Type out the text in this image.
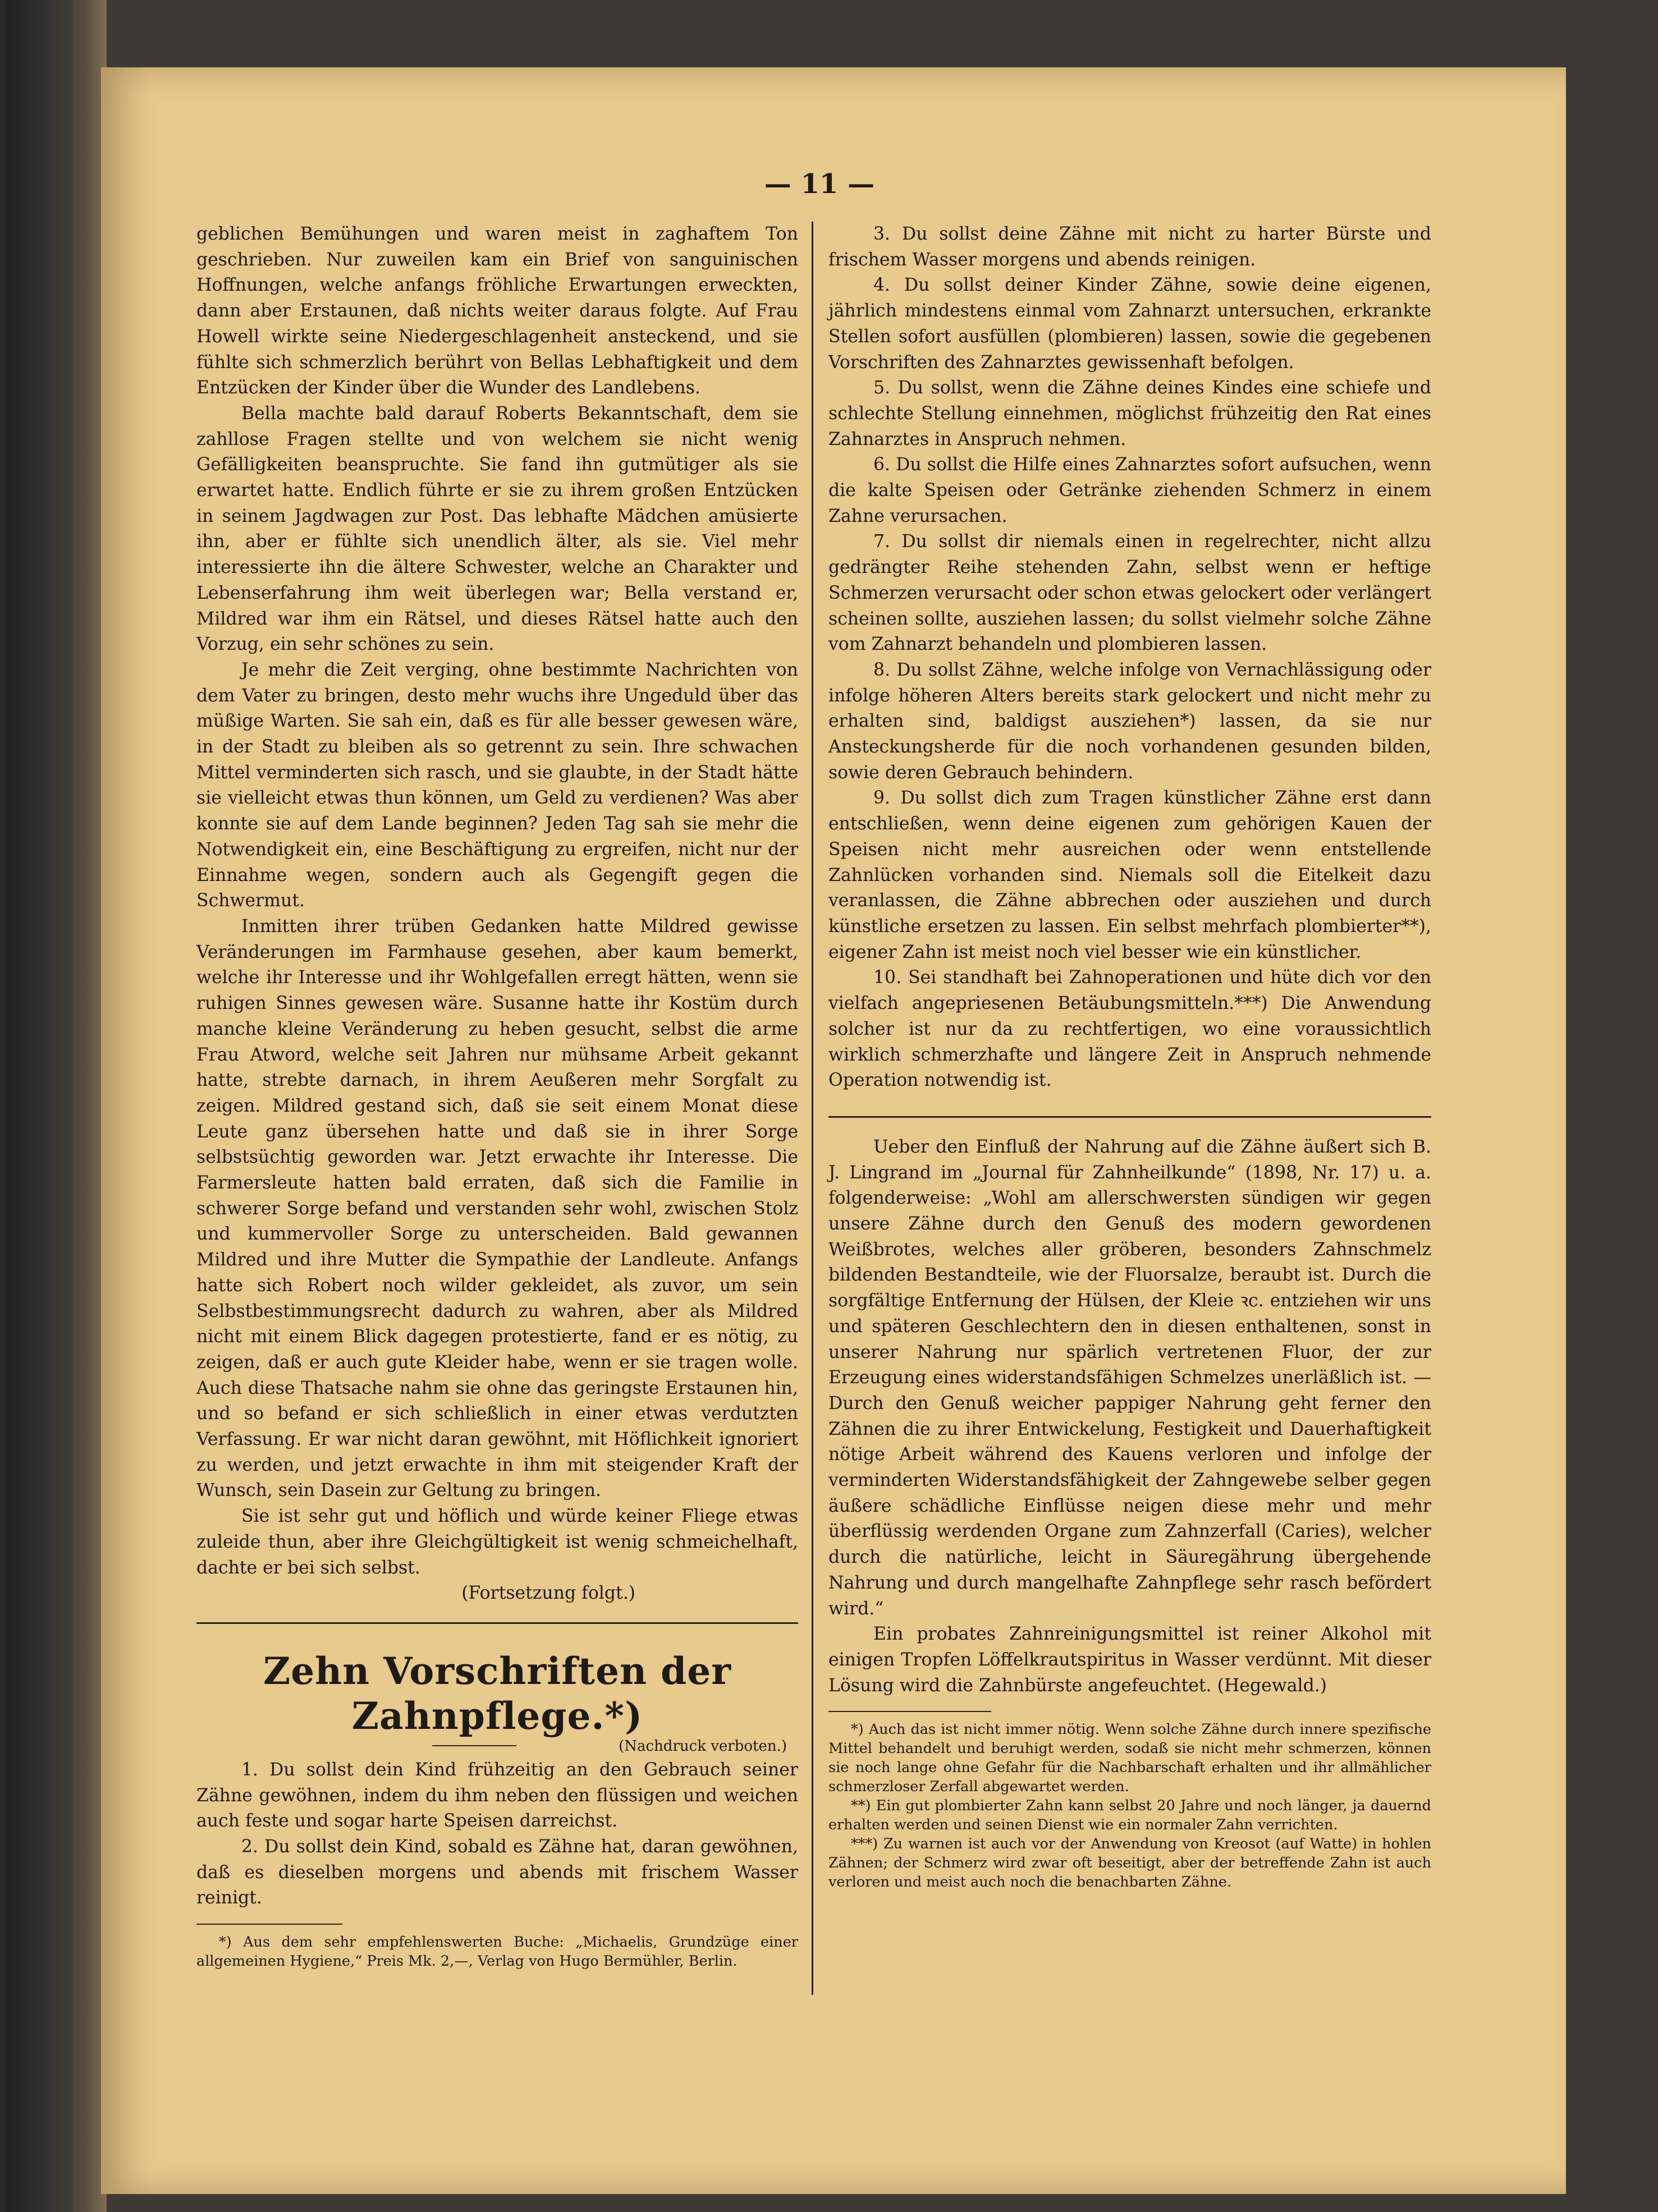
— 11 —

geblichen Bemühungen und waren meist in zaghaftem Ton geschrieben. Nur zuweilen kam ein Brief von sanguinischen Hoffnungen, welche anfangs fröhliche Erwartungen erweckten, dann aber Erstaunen, daß nichts weiter daraus folgte. Auf Frau Howell wirkte seine Niedergeschlagenheit ansteckend, und sie fühlte sich schmerzlich berührt von Bellas Lebhaftigkeit und dem Entzücken der Kinder über die Wunder des Landlebens.

Bella machte bald darauf Roberts Bekanntschaft, dem sie zahllose Fragen stellte und von welchem sie nicht wenig Gefälligkeiten beanspruchte. Sie fand ihn gutmütiger als sie erwartet hatte. Endlich führte er sie zu ihrem großen Entzücken in seinem Jagdwagen zur Post. Das lebhafte Mädchen amüsierte ihn, aber er fühlte sich unendlich älter, als sie. Viel mehr interessierte ihn die ältere Schwester, welche an Charakter und Lebenserfahrung ihm weit überlegen war; Bella verstand er, Mildred war ihm ein Rätsel, und dieses Rätsel hatte auch den Vorzug, ein sehr schönes zu sein.

Je mehr die Zeit verging, ohne bestimmte Nachrichten von dem Vater zu bringen, desto mehr wuchs ihre Ungeduld über das müßige Warten. Sie sah ein, daß es für alle besser gewesen wäre, in der Stadt zu bleiben als so getrennt zu sein. Ihre schwachen Mittel verminderten sich rasch, und sie glaubte, in der Stadt hätte sie vielleicht etwas thun können, um Geld zu verdienen? Was aber konnte sie auf dem Lande beginnen? Jeden Tag sah sie mehr die Notwendigkeit ein, eine Beschäftigung zu ergreifen, nicht nur der Einnahme wegen, sondern auch als Gegengift gegen die Schwermut.

Inmitten ihrer trüben Gedanken hatte Mildred gewisse Veränderungen im Farmhause gesehen, aber kaum bemerkt, welche ihr Interesse und ihr Wohlgefallen erregt hätten, wenn sie ruhigen Sinnes gewesen wäre. Susanne hatte ihr Kostüm durch manche kleine Veränderung zu heben gesucht, selbst die arme Frau Atword, welche seit Jahren nur mühsame Arbeit gekannt hatte, strebte darnach, in ihrem Aeußeren mehr Sorgfalt zu zeigen. Mildred gestand sich, daß sie seit einem Monat diese Leute ganz übersehen hatte und daß sie in ihrer Sorge selbstsüchtig geworden war. Jetzt erwachte ihr Interesse. Die Farmersleute hatten bald erraten, daß sich die Familie in schwerer Sorge befand und verstanden sehr wohl, zwischen Stolz und kummervoller Sorge zu unterscheiden. Bald gewannen Mildred und ihre Mutter die Sympathie der Landleute. Anfangs hatte sich Robert noch wilder gekleidet, als zuvor, um sein Selbstbestimmungsrecht dadurch zu wahren, aber als Mildred nicht mit einem Blick dagegen protestierte, fand er es nötig, zu zeigen, daß er auch gute Kleider habe, wenn er sie tragen wolle. Auch diese Thatsache nahm sie ohne das geringste Erstaunen hin, und so befand er sich schließlich in einer etwas verdutzten Verfassung. Er war nicht daran gewöhnt, mit Höflichkeit ignoriert zu werden, und jetzt erwachte in ihm mit steigender Kraft der Wunsch, sein Dasein zur Geltung zu bringen.

Sie ist sehr gut und höflich und würde keiner Fliege etwas zuleide thun, aber ihre Gleichgültigkeit ist wenig schmeichelhaft, dachte er bei sich selbst.

(Fortsetzung folgt.)
Zehn Vorschriften der Zahnpflege.*)
(Nachdruck verboten.)

1. Du sollst dein Kind frühzeitig an den Gebrauch seiner Zähne gewöhnen, indem du ihm neben den flüssigen und weichen auch feste und sogar harte Speisen darreichst.

2. Du sollst dein Kind, sobald es Zähne hat, daran gewöhnen, daß es dieselben morgens und abends mit frischem Wasser reinigt.

*) Aus dem sehr empfehlenswerten Buche: „Michaelis, Grundzüge einer allgemeinen Hygiene,“ Preis Mk. 2,—, Verlag von Hugo Bermühler, Berlin.

3. Du sollst deine Zähne mit nicht zu harter Bürste und frischem Wasser morgens und abends reinigen.

4. Du sollst deiner Kinder Zähne, sowie deine eigenen, jährlich mindestens einmal vom Zahnarzt untersuchen, erkrankte Stellen sofort ausfüllen (plombieren) lassen, sowie die gegebenen Vorschriften des Zahnarztes gewissenhaft befolgen.

5. Du sollst, wenn die Zähne deines Kindes eine schiefe und schlechte Stellung einnehmen, möglichst frühzeitig den Rat eines Zahnarztes in Anspruch nehmen.

6. Du sollst die Hilfe eines Zahnarztes sofort aufsuchen, wenn die kalte Speisen oder Getränke ziehenden Schmerz in einem Zahne verursachen.

7. Du sollst dir niemals einen in regelrechter, nicht allzu gedrängter Reihe stehenden Zahn, selbst wenn er heftige Schmerzen verursacht oder schon etwas gelockert oder verlängert scheinen sollte, ausziehen lassen; du sollst vielmehr solche Zähne vom Zahnarzt behandeln und plombieren lassen.

8. Du sollst Zähne, welche infolge von Vernachlässigung oder infolge höheren Alters bereits stark gelockert und nicht mehr zu erhalten sind, baldigst ausziehen*) lassen, da sie nur Ansteckungsherde für die noch vorhandenen gesunden bilden, sowie deren Gebrauch behindern.

9. Du sollst dich zum Tragen künstlicher Zähne erst dann entschließen, wenn deine eigenen zum gehörigen Kauen der Speisen nicht mehr ausreichen oder wenn entstellende Zahnlücken vorhanden sind. Niemals soll die Eitelkeit dazu veranlassen, die Zähne abbrechen oder ausziehen und durch künstliche ersetzen zu lassen. Ein selbst mehrfach plombierter**), eigener Zahn ist meist noch viel besser wie ein künstlicher.

10. Sei standhaft bei Zahnoperationen und hüte dich vor den vielfach angepriesenen Betäubungsmitteln.***) Die Anwendung solcher ist nur da zu rechtfertigen, wo eine voraussichtlich wirklich schmerzhafte und längere Zeit in Anspruch nehmende Operation notwendig ist.

Ueber den Einfluß der Nahrung auf die Zähne äußert sich B. J. Lingrand im „Journal für Zahnheilkunde“ (1898, Nr. 17) u. a. folgenderweise: „Wohl am allerschwersten sündigen wir gegen unsere Zähne durch den Genuß des modern gewordenen Weißbrotes, welches aller gröberen, besonders Zahnschmelz bildenden Bestandteile, wie der Fluorsalze, beraubt ist. Durch die sorgfältige Entfernung der Hülsen, der Kleie ꝛc. entziehen wir uns und späteren Geschlechtern den in diesen enthaltenen, sonst in unserer Nahrung nur spärlich vertretenen Fluor, der zur Erzeugung eines widerstandsfähigen Schmelzes unerläßlich ist. — Durch den Genuß weicher pappiger Nahrung geht ferner den Zähnen die zu ihrer Entwickelung, Festigkeit und Dauerhaftigkeit nötige Arbeit während des Kauens verloren und infolge der verminderten Widerstandsfähigkeit der Zahngewebe selber gegen äußere schädliche Einflüsse neigen diese mehr und mehr überflüssig werdenden Organe zum Zahnzerfall (Caries), welcher durch die natürliche, leicht in Säuregährung übergehende Nahrung und durch mangelhafte Zahnpflege sehr rasch befördert wird.“

Ein probates Zahnreinigungsmittel ist reiner Alkohol mit einigen Tropfen Löffelkrautspiritus in Wasser verdünnt. Mit dieser Lösung wird die Zahnbürste angefeuchtet. (Hegewald.)

*) Auch das ist nicht immer nötig. Wenn solche Zähne durch innere spezifische Mittel behandelt und beruhigt werden, sodaß sie nicht mehr schmerzen, können sie noch lange ohne Gefahr für die Nachbarschaft erhalten und ihr allmählicher schmerzloser Zerfall abgewartet werden.

**) Ein gut plombierter Zahn kann selbst 20 Jahre und noch länger, ja dauernd erhalten werden und seinen Dienst wie ein normaler Zahn verrichten.

***) Zu warnen ist auch vor der Anwendung von Kreosot (auf Watte) in hohlen Zähnen; der Schmerz wird zwar oft beseitigt, aber der betreffende Zahn ist auch verloren und meist auch noch die benachbarten Zähne.
